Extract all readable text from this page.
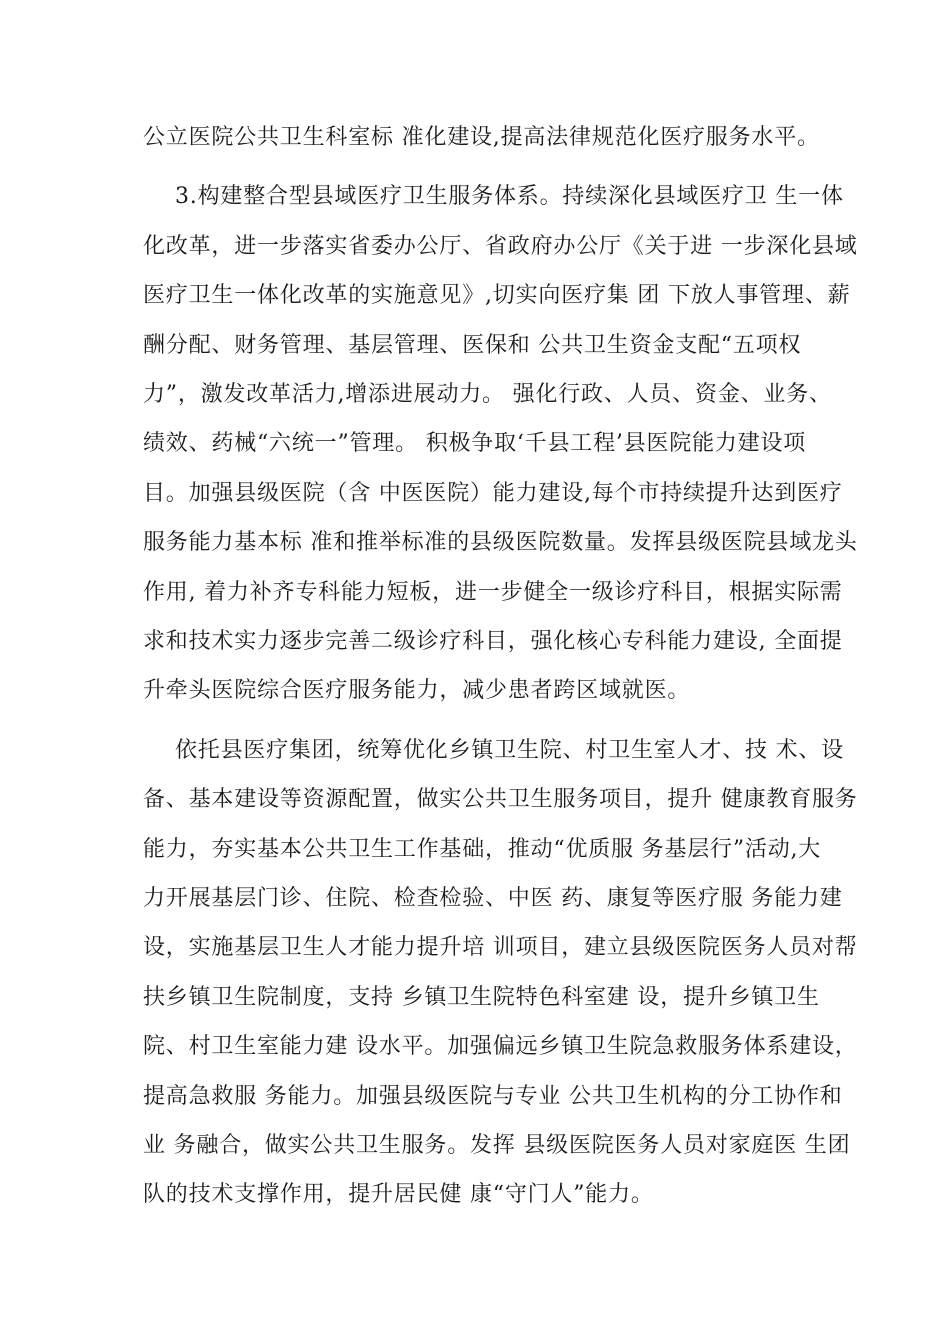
公立医院公共卫生科室标 准化建设,提高法律规范化医疗服务水平。
3.构建整合型县域医疗卫生服务体系。持续深化县域医疗卫 生一体
化改革，进一步落实省委办公厅、省政府办公厅《关于进 一步深化县域
医疗卫生一体化改革的实施意见》,切实向医疗集 团 下放人事管理、薪
酬分配、财务管理、基层管理、医保和 公共卫生资金支配“五项权
力”，激发改革活力,增添进展动力。 强化行政、人员、资金、业务、
绩效、药械“六统一”管理。 积极争取‘千县工程’县医院能力建设项
目。加强县级医院（含 中医医院）能力建设,每个市持续提升达到医疗
服务能力基本标 准和推举标准的县级医院数量。发挥县级医院县域龙头
作用, 着力补齐专科能力短板，进一步健全一级诊疗科目，根据实际需
求和技术实力逐步完善二级诊疗科目，强化核心专科能力建设, 全面提
升牵头医院综合医疗服务能力，减少患者跨区域就医。
依托县医疗集团，统筹优化乡镇卫生院、村卫生室人才、技 术、设
备、基本建设等资源配置，做实公共卫生服务项目，提升 健康教育服务
能力，夯实基本公共卫生工作基础，推动“优质服 务基层行”活动,大
力开展基层门诊、住院、检查检验、中医 药、康复等医疗服 务能力建
设，实施基层卫生人才能力提升培 训项目，建立县级医院医务人员对帮
扶乡镇卫生院制度，支持 乡镇卫生院特色科室建 设，提升乡镇卫生
院、村卫生室能力建 设水平。加强偏远乡镇卫生院急救服务体系建设，
提高急救服 务能力。加强县级医院与专业 公共卫生机构的分工协作和
业 务融合，做实公共卫生服务。发挥 县级医院医务人员对家庭医 生团
队的技术支撑作用，提升居民健 康“守门人”能力。
